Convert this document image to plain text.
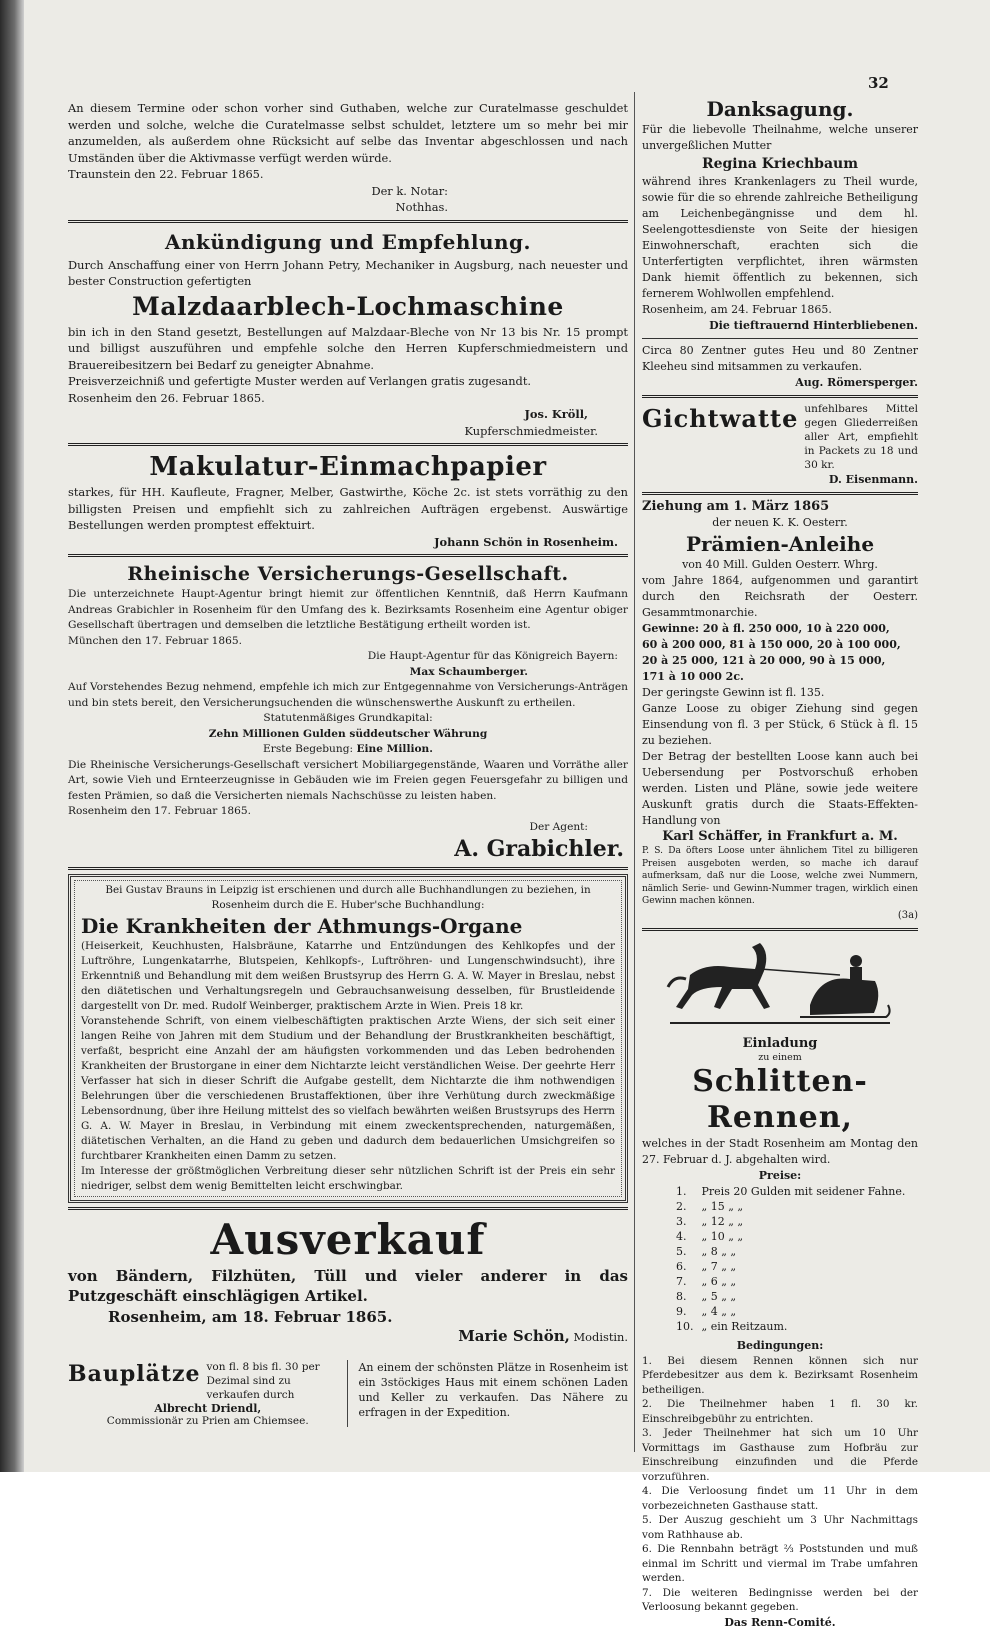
32

An diesem Termine oder schon vorher sind Guthaben, welche zur Curatelmasse geschuldet werden und solche, welche die Curatelmasse selbst schuldet, letztere um so mehr bei mir anzumelden, als außerdem ohne Rücksicht auf selbe das Inventar abgeschlossen und nach Umständen über die Aktivmasse verfügt werden würde.

Traunstein den 22. Februar 1865.

Der k. Notar:

Nothhas.

Ankündigung und Empfehlung.

Durch Anschaffung einer von Herrn Johann Petry, Mechaniker in Augsburg, nach neuester und bester Construction gefertigten

Malzdaarblech-Lochmaschine

bin ich in den Stand gesetzt, Bestellungen auf Malzdaar-Bleche von Nr 13 bis Nr. 15 prompt und billigst auszuführen und empfehle solche den Herren Kupferschmiedmeistern und Brauereibesitzern bei Bedarf zu geneigter Abnahme.

Preisverzeichniß und gefertigte Muster werden auf Verlangen gratis zugesandt.

Rosenheim den 26. Februar 1865.

Jos. Kröll,

Kupferschmiedmeister.

Makulatur-Einmachpapier

starkes, für HH. Kaufleute, Fragner, Melber, Gastwirthe, Köche 2c. ist stets vorräthig zu den billigsten Preisen und empfiehlt sich zu zahlreichen Aufträgen ergebenst. Auswärtige Bestellungen werden promptest effektuirt.

Johann Schön in Rosenheim.

Rheinische Versicherungs-Gesellschaft.

Die unterzeichnete Haupt-Agentur bringt hiemit zur öffentlichen Kenntniß, daß Herrn Kaufmann Andreas Grabichler in Rosenheim für den Umfang des k. Bezirksamts Rosenheim eine Agentur obiger Gesellschaft übertragen und demselben die letztliche Bestätigung ertheilt worden ist.

München den 17. Februar 1865.

Die Haupt-Agentur für das Königreich Bayern:

Max Schaumberger.

Auf Vorstehendes Bezug nehmend, empfehle ich mich zur Entgegennahme von Versicherungs-Anträgen und bin stets bereit, den Versicherungsuchenden die wünschenswerthe Auskunft zu ertheilen.

Statutenmäßiges Grundkapital:

Zehn Millionen Gulden süddeutscher Währung

Erste Begebung: Eine Million.

Die Rheinische Versicherungs-Gesellschaft versichert Mobiliargegenstände, Waaren und Vorräthe aller Art, sowie Vieh und Ernteerzeugnisse in Gebäuden wie im Freien gegen Feuersgefahr zu billigen und festen Prämien, so daß die Versicherten niemals Nachschüsse zu leisten haben.

Rosenheim den 17. Februar 1865.

Der Agent:

A. Grabichler.

Bei Gustav Brauns in Leipzig ist erschienen und durch alle Buchhandlungen zu beziehen, in Rosenheim durch die E. Huber'sche Buchhandlung:

Die Krankheiten der Athmungs-Organe

(Heiserkeit, Keuchhusten, Halsbräune, Katarrhe und Entzündungen des Kehlkopfes und der Luftröhre, Lungenkatarrhe, Blutspeien, Kehlkopfs-, Luftröhren- und Lungenschwindsucht), ihre Erkenntniß und Behandlung mit dem weißen Brustsyrup des Herrn G. A. W. Mayer in Breslau, nebst den diätetischen und Verhaltungsregeln und Gebrauchsanweisung desselben, für Brustleidende dargestellt von Dr. med. Rudolf Weinberger, praktischem Arzte in Wien. Preis 18 kr.

Voranstehende Schrift, von einem vielbeschäftigten praktischen Arzte Wiens, der sich seit einer langen Reihe von Jahren mit dem Studium und der Behandlung der Brustkrankheiten beschäftigt, verfaßt, bespricht eine Anzahl der am häufigsten vorkommenden und das Leben bedrohenden Krankheiten der Brustorgane in einer dem Nichtarzte leicht verständlichen Weise. Der geehrte Herr Verfasser hat sich in dieser Schrift die Aufgabe gestellt, dem Nichtarzte die ihm nothwendigen Belehrungen über die verschiedenen Brustaffektionen, über ihre Verhütung durch zweckmäßige Lebensordnung, über ihre Heilung mittelst des so vielfach bewährten weißen Brustsyrups des Herrn G. A. W. Mayer in Breslau, in Verbindung mit einem zweckentsprechenden, naturgemäßen, diätetischen Verhalten, an die Hand zu geben und dadurch dem bedauerlichen Umsichgreifen so furchtbarer Krankheiten einen Damm zu setzen.

Im Interesse der größtmöglichen Verbreitung dieser sehr nützlichen Schrift ist der Preis ein sehr niedriger, selbst dem wenig Bemittelten leicht erschwingbar.

Ausverkauf

von Bändern, Filzhüten, Tüll und vieler anderer in das Putzgeschäft einschlägigen Artikel.

Rosenheim, am 18. Februar 1865.

Marie Schön, Modistin.

Bauplätze von fl. 8 bis fl. 30 per Dezimal sind zu verkaufen durch

Albrecht Driendl,

Commissionär zu Prien am Chiemsee.

An einem der schönsten Plätze in Rosenheim ist ein 3stöckiges Haus mit einem schönen Laden und Keller zu verkaufen. Das Nähere zu erfragen in der Expedition.

Danksagung.

Für die liebevolle Theilnahme, welche unserer unvergeßlichen Mutter

Regina Kriechbaum

während ihres Krankenlagers zu Theil wurde, sowie für die so ehrende zahlreiche Betheiligung am Leichenbegängnisse und dem hl. Seelengottesdienste von Seite der hiesigen Einwohnerschaft, erachten sich die Unterfertigten verpflichtet, ihren wärmsten Dank hiemit öffentlich zu bekennen, sich fernerem Wohlwollen empfehlend.

Rosenheim, am 24. Februar 1865.

Die tieftrauernd Hinterbliebenen.

Circa 80 Zentner gutes Heu und 80 Zentner Kleeheu sind mitsammen zu verkaufen.

Aug. Römersperger.

Gichtwatte unfehlbares Mittel gegen Gliederreißen aller Art, empfiehlt in Packets zu 18 und 30 kr.

D. Eisenmann.

Ziehung am 1. März 1865

der neuen K. K. Oesterr.

Prämien-Anleihe

von 40 Mill. Gulden Oesterr. Whrg.

vom Jahre 1864, aufgenommen und garantirt durch den Reichsrath der Oesterr. Gesammtmonarchie.

Gewinne: 20 à fl. 250 000, 10 à 220 000,

60 à 200 000, 81 à 150 000, 20 à 100 000,

20 à 25 000, 121 à 20 000, 90 à 15 000,

171 à 10 000 2c.

Der geringste Gewinn ist fl. 135.

Ganze Loose zu obiger Ziehung sind gegen Einsendung von fl. 3 per Stück, 6 Stück à fl. 15 zu beziehen.

Der Betrag der bestellten Loose kann auch bei Uebersendung per Postvorschuß erhoben werden. Listen und Pläne, sowie jede weitere Auskunft gratis durch die Staats-Effekten-Handlung von

Karl Schäffer, in Frankfurt a. M.

P. S. Da öfters Loose unter ähnlichem Titel zu billigeren Preisen ausgeboten werden, so mache ich darauf aufmerksam, daß nur die Loose, welche zwei Nummern, nämlich Serie- und Gewinn-Nummer tragen, wirklich einen Gewinn machen können.

(3a)

Einladung
zu einem
Schlitten-Rennen,

welches in der Stadt Rosenheim am Montag den 27. Februar d. J. abgehalten wird.

Preise:

1.	Preis 20 Gulden mit seidener Fahne.
2.	„ 15 „ „
3.	„ 12 „ „
4.	„ 10 „ „
5.	„ 8 „ „
6.	„ 7 „ „
7.	„ 6 „ „
8.	„ 5 „ „
9.	„ 4 „ „
10.	„ ein Reitzaum.

Bedingungen:

1. Bei diesem Rennen können sich nur Pferdebesitzer aus dem k. Bezirksamt Rosenheim betheiligen.

2. Die Theilnehmer haben 1 fl. 30 kr. Einschreibgebühr zu entrichten.

3. Jeder Theilnehmer hat sich um 10 Uhr Vormittags im Gasthause zum Hofbräu zur Einschreibung einzufinden und die Pferde vorzuführen.

4. Die Verloosung findet um 11 Uhr in dem vorbezeichneten Gasthause statt.

5. Der Auszug geschieht um 3 Uhr Nachmittags vom Rathhause ab.

6. Die Rennbahn beträgt ⅔ Poststunden und muß einmal im Schritt und viermal im Trabe umfahren werden.

7. Die weiteren Bedingnisse werden bei der Verloosung bekannt gegeben.

Das Renn-Comité.
